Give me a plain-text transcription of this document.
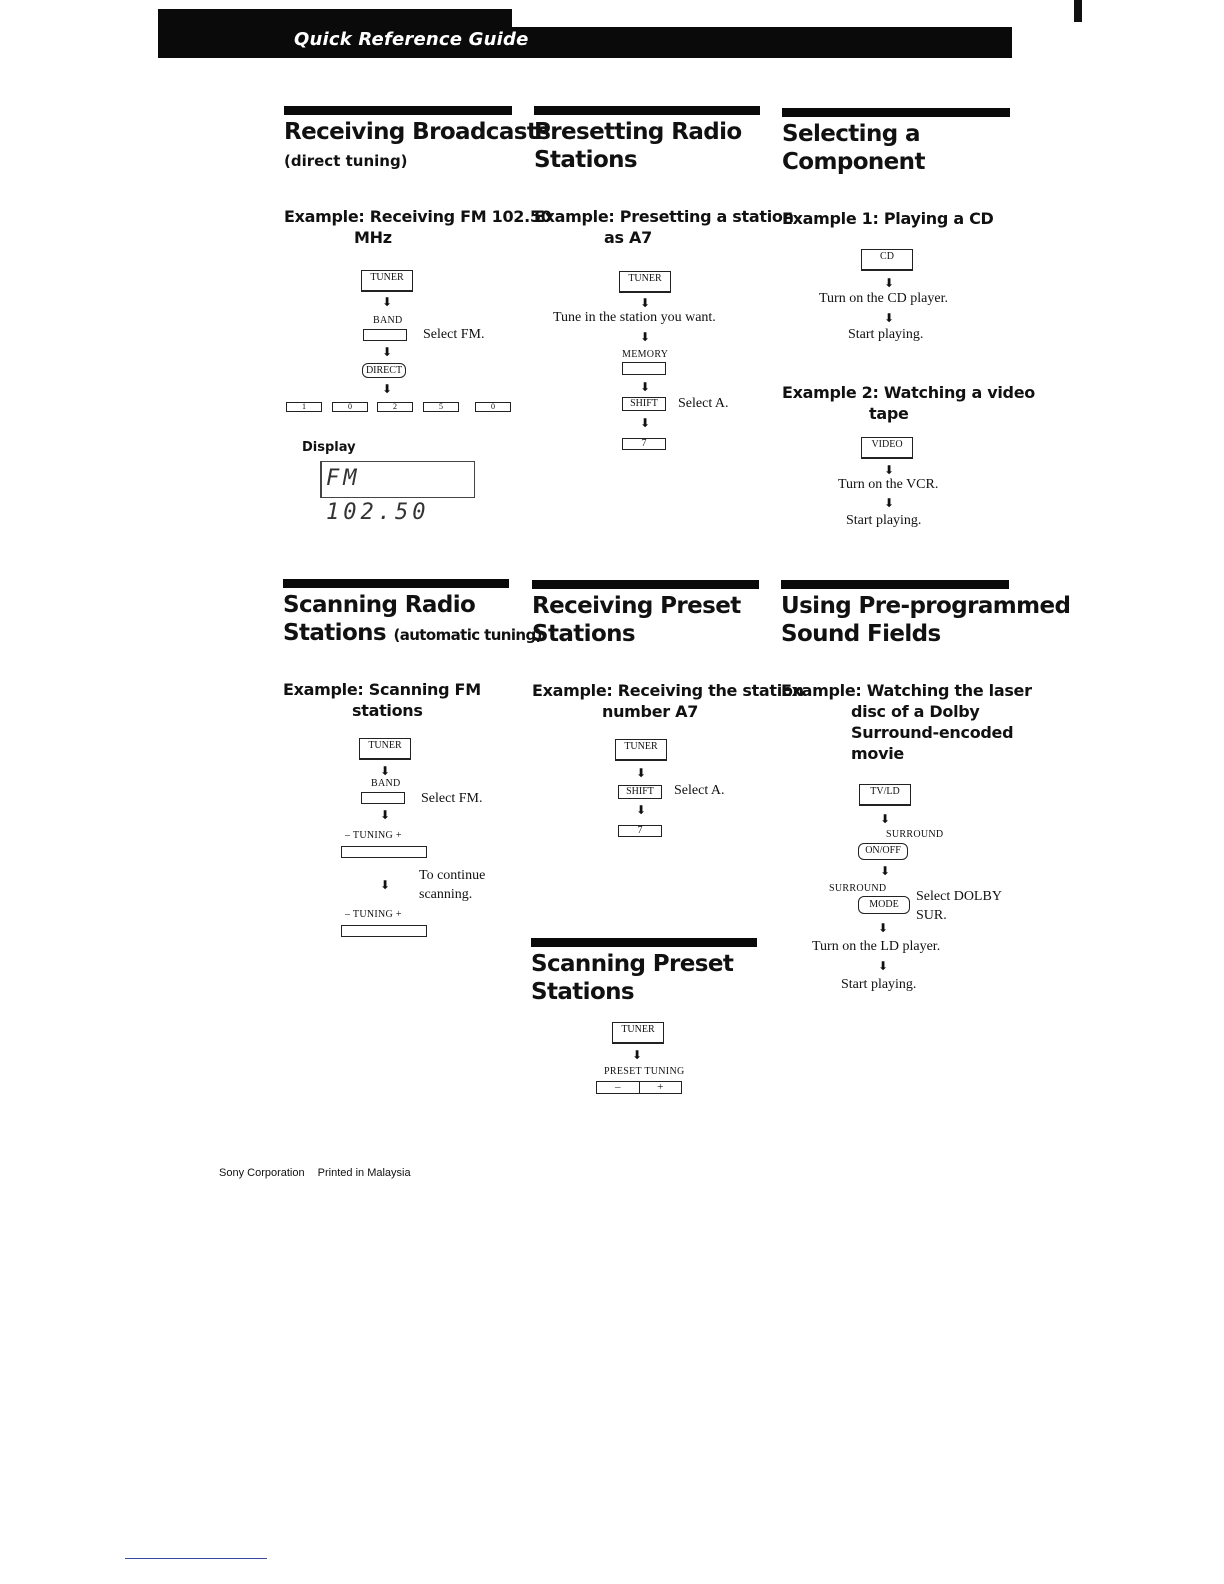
Quick Reference Guide
Receiving Broadcasts
(direct tuning)
Example: Receiving FM 102.50
MHz
TUNER
⬇
BAND
Select FM.
⬇
DIRECT
⬇
1	0	2	5	0
Display
FM 102.50
Presetting Radio
Stations
Example: Presetting a station
as A7
TUNER
⬇
Tune in the station you want.
⬇
MEMORY
⬇
SHIFT	Select A.
⬇
7
Selecting a
Component
Example 1: Playing a CD
CD
⬇
Turn on the CD player.
⬇
Start playing.
Example 2: Watching a video
tape
VIDEO
⬇
Turn on the VCR.
⬇
Start playing.
Scanning Radio
Stations (automatic tuning)
Example: Scanning FM
stations
TUNER
⬇
BAND
Select FM.
⬇
– TUNING +
⬇
To continue
scanning.
– TUNING +
Receiving Preset
Stations
Example: Receiving the station
number A7
TUNER
⬇
SHIFT	Select A.
⬇
7
Using Pre-programmed
Sound Fields
Example: Watching the laser
disc of a Dolby
Surround-encoded
movie
TV/LD
⬇
SURROUND
ON/OFF
⬇
SURROUND
MODE
Select DOLBY
SUR.
⬇
Turn on the LD player.
⬇
Start playing.
Scanning Preset
Stations
TUNER
⬇
PRESET TUNING
–	+
Sony Corporation Printed in Malaysia
